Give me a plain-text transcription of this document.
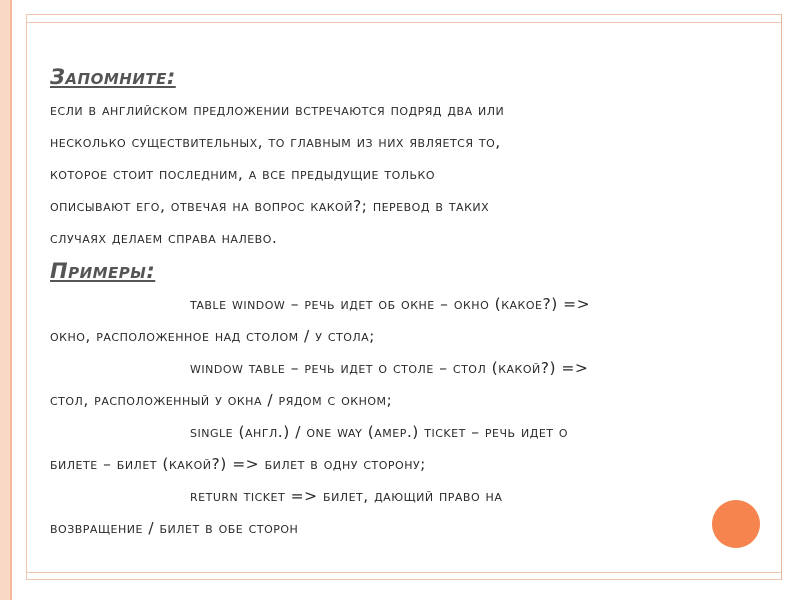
Запомните:
если в английском предложении встречаются подряд два или
несколько существительных, то главным из них является то,
которое стоит последним, а все предыдущие только
описывают его, отвечая на вопрос какой?; перевод в таких
случаях делаем справа налево.
Примеры:
table window – речь идет об окне – окно (какое?) =>
окно, расположенное над столом / у стола;
window table – речь идет о столе – стол (какой?) =>
стол, расположенный у окна / рядом с окном;
single (англ.) / one way (амер.) ticket – речь идет о
билете – билет (какой?) => билет в одну сторону;
return ticket => билет, дающий право на
возвращение / билет в обе сторон
